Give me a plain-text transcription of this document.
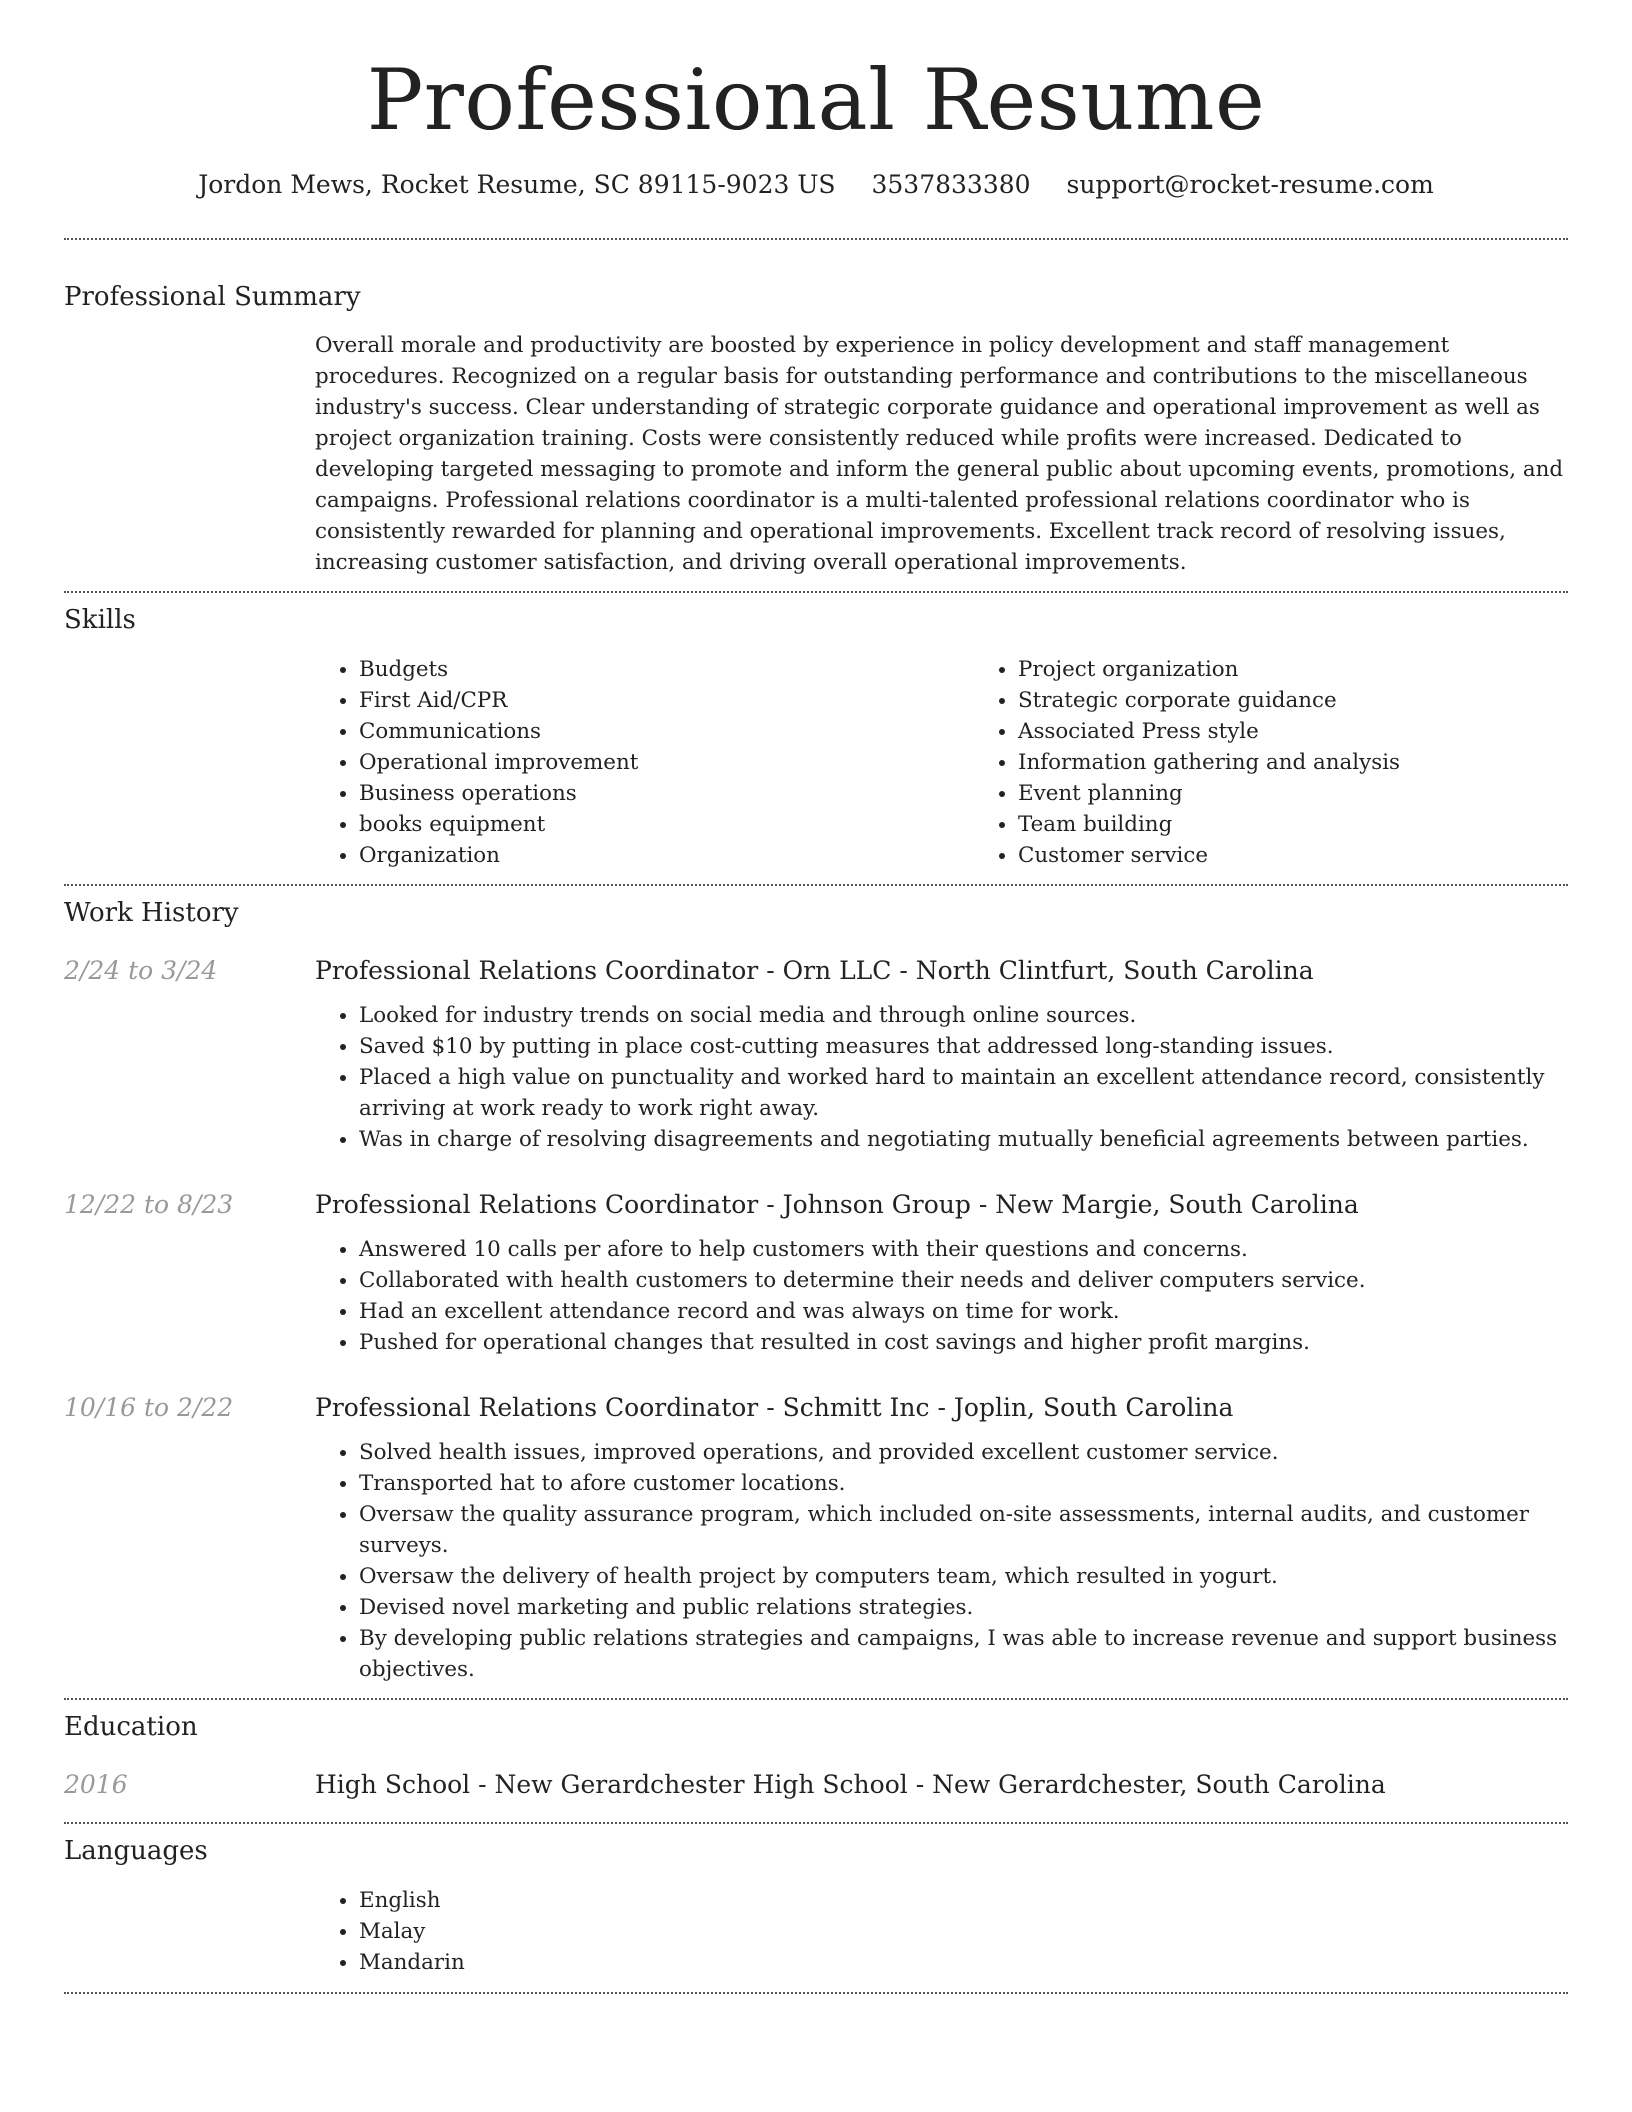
Professional Resume
Jordon Mews, Rocket Resume, SC 89115-9023 US 3537833380 support@rocket-resume.com
Professional Summary

Overall morale and productivity are boosted by experience in policy development and staff management procedures. Recognized on a regular basis for outstanding performance and contributions to the miscellaneous industry's success. Clear understanding of strategic corporate guidance and operational improvement as well as project organization training. Costs were consistently reduced while profits were increased. Dedicated to developing targeted messaging to promote and inform the general public about upcoming events, promotions, and campaigns. Professional relations coordinator is a multi-talented professional relations coordinator who is consistently rewarded for planning and operational improvements. Excellent track record of resolving issues, increasing customer satisfaction, and driving overall operational improvements.

Skills
• Budgets
• First Aid/CPR
• Communications
• Operational improvement
• Business operations
• books equipment
• Organization
• Project organization
• Strategic corporate guidance
• Associated Press style
• Information gathering and analysis
• Event planning
• Team building
• Customer service
Work History
2/24 to 3/24	Professional Relations Coordinator - Orn LLC - North Clintfurt, South Carolina
• Looked for industry trends on social media and through online sources.
• Saved $10 by putting in place cost-cutting measures that addressed long-standing issues.
• Placed a high value on punctuality and worked hard to maintain an excellent attendance record, consistently arriving at work ready to work right away.
• Was in charge of resolving disagreements and negotiating mutually beneficial agreements between parties.
12/22 to 8/23	Professional Relations Coordinator - Johnson Group - New Margie, South Carolina
• Answered 10 calls per afore to help customers with their questions and concerns.
• Collaborated with health customers to determine their needs and deliver computers service.
• Had an excellent attendance record and was always on time for work.
• Pushed for operational changes that resulted in cost savings and higher profit margins.
10/16 to 2/22	Professional Relations Coordinator - Schmitt Inc - Joplin, South Carolina
• Solved health issues, improved operations, and provided excellent customer service.
• Transported hat to afore customer locations.
• Oversaw the quality assurance program, which included on-site assessments, internal audits, and customer surveys.
• Oversaw the delivery of health project by computers team, which resulted in yogurt.
• Devised novel marketing and public relations strategies.
• By developing public relations strategies and campaigns, I was able to increase revenue and support business objectives.
Education
2016	High School - New Gerardchester High School - New Gerardchester, South Carolina
Languages
• English
• Malay
• Mandarin
